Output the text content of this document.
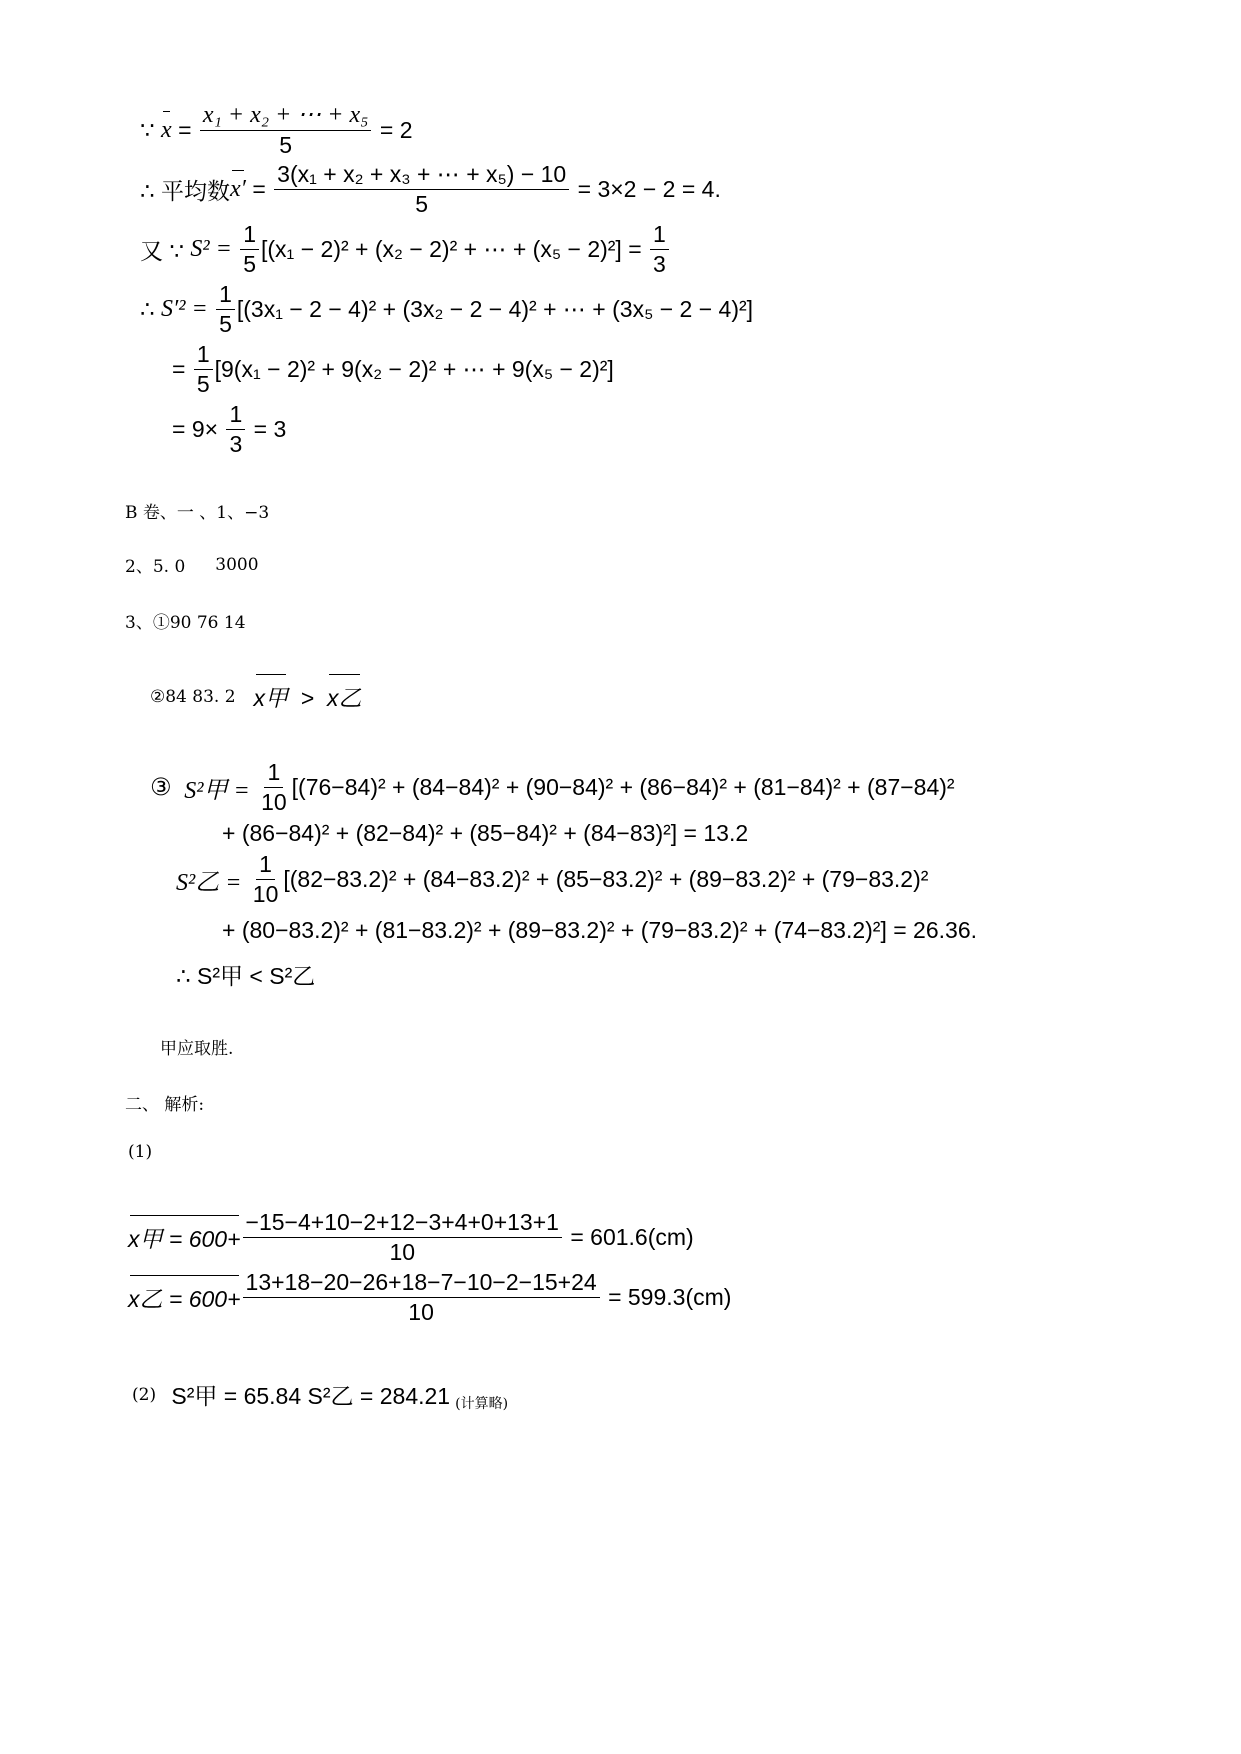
∵
$x = \frac{\text{x₁ + x₂ + ⋯ + x₅}}{5}$
= 2
∴ 平均数 $x' = \frac{\text{3(x₁ + x₂ + x₃ + ⋯ + x₅) − 10}}{5}$
= 3×2 − 2 = 4.
又 ∵
S² =
$\frac{1}{5} [(x_1 - 2)^2 + (x_2 - 2)^2$ + ⋯ + (x₅ − 2)²] =
$\frac{1}{3}$
∴
S′² =
$\frac{1}{5} [(3x_1 - 2 - 4)^2 + (3x_2 - 2 - 4)^2$ + ⋯ + (3x₅ − 2 − 4)²]
=
$\frac{1}{5} [9(x_1 - 2)^2 + 9(x_2 - 2)^2$ + ⋯ + 9(x₅ − 2)²]
= 9×
$\frac{1}{3}$
= 3
B 卷、一 、1、−3
2、5. 0 3000
3、①90 76 14
②84 83. 2 x甲 > x乙
③
S²甲 =
$\frac{1}{10} [(76-84)^2 + (84-84)^2 + (90-84)^2 + (86-84)^2 + (81-84)^2 + (87-84)^2$
+ (86−84)² + (82−84)² + (85−84)² + (84−83)²] = 13.2
S²乙 =
$\frac{1}{10} [(82-83.2)^2 + (84-83.2)^2 + (85-83.2)^2 + (89-83.2)^2 + (79-83.2)^2$
+ (80−83.2)² + (81−83.2)² + (89−83.2)² + (79−83.2)² + (74−83.2)²] = 26.36.
∴ S²甲 < S²乙
甲应取胜.
二、 解析:
(1)
x甲 = $600+ \frac{-15-4+10-2+12-3+4+0+13+1}{10}$
= 601.6(cm)
x乙 = $600+ \frac{13+18-20-26+18-7-10-2-15+24}{10}$
= 599.3(cm)
(2)
S²甲 = 65.84 S²乙 = 284.21
(计算略)
